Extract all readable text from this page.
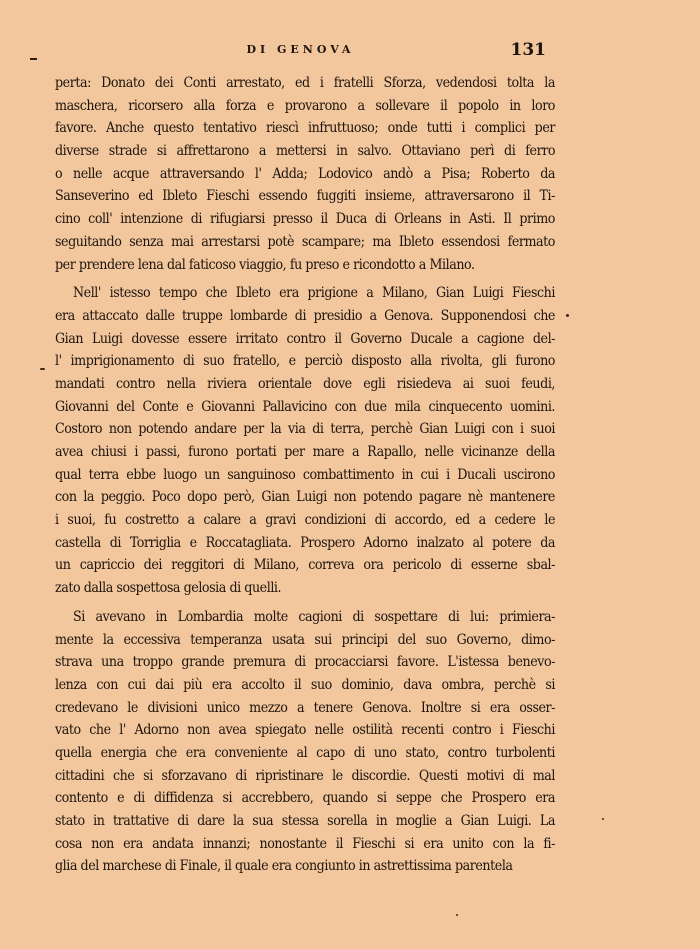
DI GENOVA	131
perta: Donato dei Conti arrestato, ed i fratelli Sforza, vedendosi tolta la
maschera, ricorsero alla forza e provarono a sollevare il popolo in loro
favore. Anche questo tentativo riescì infruttuoso; onde tutti i complici per
diverse strade si affrettarono a mettersi in salvo. Ottaviano perì di ferro
o nelle acque attraversando l' Adda; Lodovico andò a Pisa; Roberto da
Sanseverino ed Ibleto Fieschi essendo fuggiti insieme, attraversarono il Ti-
cino coll' intenzione di rifugiarsi presso il Duca di Orleans in Asti. Il primo
seguitando senza mai arrestarsi potè scampare; ma Ibleto essendosi fermato
per prendere lena dal faticoso viaggio, fu preso e ricondotto a Milano.
Nell' istesso tempo che Ibleto era prigione a Milano, Gian Luigi Fieschi
era attaccato dalle truppe lombarde di presidio a Genova. Supponendosi che
Gian Luigi dovesse essere irritato contro il Governo Ducale a cagione del-
l' imprigionamento di suo fratello, e perciò disposto alla rivolta, gli furono
mandati contro nella riviera orientale dove egli risiedeva ai suoi feudi,
Giovanni del Conte e Giovanni Pallavicino con due mila cinquecento uomini.
Costoro non potendo andare per la via di terra, perchè Gian Luigi con i suoi
avea chiusi i passi, furono portati per mare a Rapallo, nelle vicinanze della
qual terra ebbe luogo un sanguinoso combattimento in cui i Ducali uscirono
con la peggio. Poco dopo però, Gian Luigi non potendo pagare nè mantenere
i suoi, fu costretto a calare a gravi condizioni di accordo, ed a cedere le
castella di Torriglia e Roccatagliata. Prospero Adorno inalzato al potere da
un capriccio dei reggitori di Milano, correva ora pericolo di esserne sbal-
zato dalla sospettosa gelosia di quelli.
Si avevano in Lombardia molte cagioni di sospettare di lui: primiera-
mente la eccessiva temperanza usata sui principi del suo Governo, dimo-
strava una troppo grande premura di procacciarsi favore. L'istessa benevo-
lenza con cui dai più era accolto il suo dominio, dava ombra, perchè si
credevano le divisioni unico mezzo a tenere Genova. Inoltre si era osser-
vato che l' Adorno non avea spiegato nelle ostilità recenti contro i Fieschi
quella energia che era conveniente al capo di uno stato, contro turbolenti
cittadini che si sforzavano di ripristinare le discordie. Questi motivi di mal
contento e di diffidenza si accrebbero, quando si seppe che Prospero era
stato in trattative di dare la sua stessa sorella in moglie a Gian Luigi. La
cosa non era andata innanzi; nonostante il Fieschi si era unito con la fi-
glia del marchese di Finale, il quale era congiunto in astrettissima parentela
